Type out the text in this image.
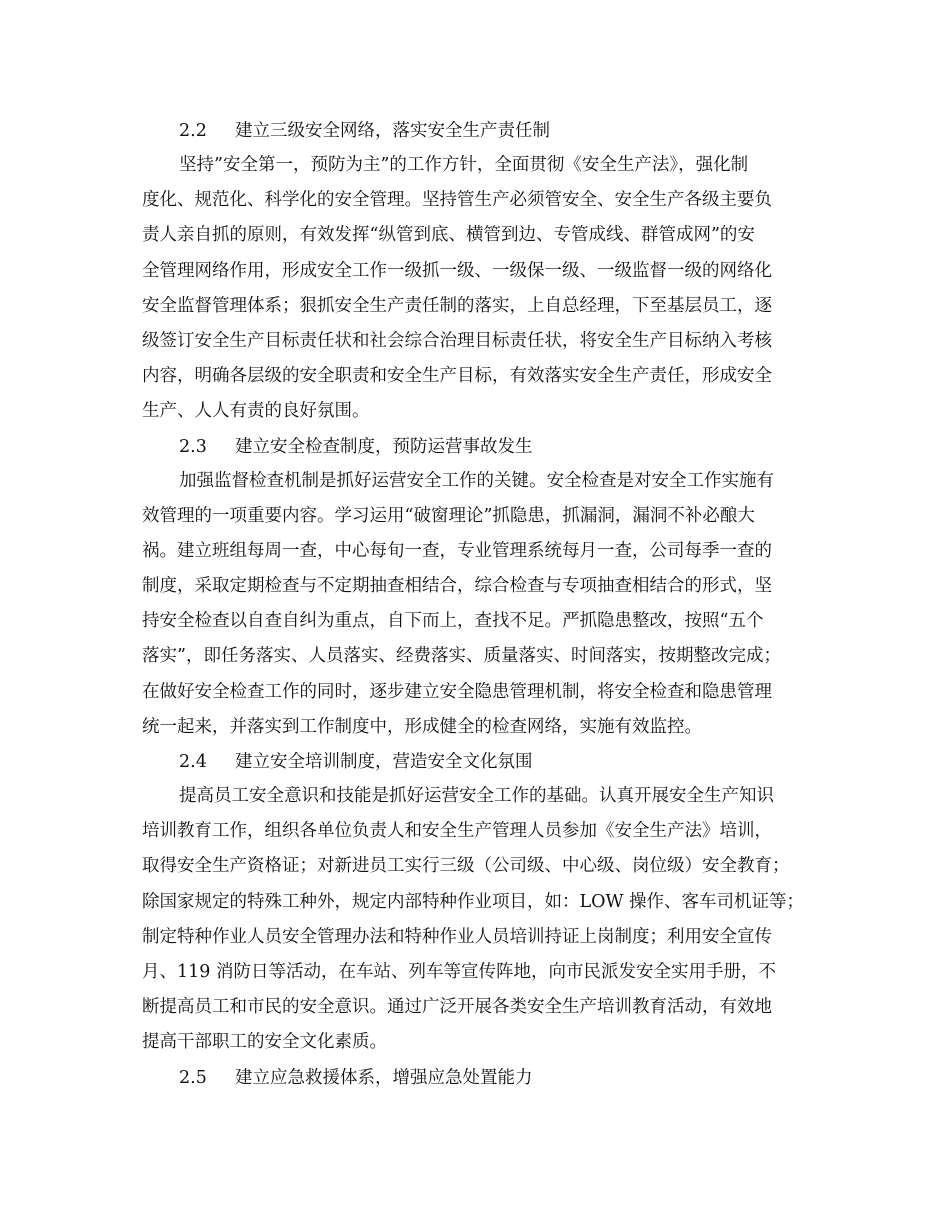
2.2 建立三级安全网络，落实安全生产责任制
坚持”安全第一，预防为主”的工作方针，全面贯彻《安全生产法》，强化制
度化、规范化、科学化的安全管理。坚持管生产必须管安全、安全生产各级主要负
责人亲自抓的原则，有效发挥“纵管到底、横管到边、专管成线、群管成网”的安
全管理网络作用，形成安全工作一级抓一级、一级保一级、一级监督一级的网络化
安全监督管理体系；狠抓安全生产责任制的落实，上自总经理，下至基层员工，逐
级签订安全生产目标责任状和社会综合治理目标责任状，将安全生产目标纳入考核
内容，明确各层级的安全职责和安全生产目标，有效落实安全生产责任，形成安全
生产、人人有责的良好氛围。
2.3 建立安全检查制度，预防运营事故发生
加强监督检查机制是抓好运营安全工作的关键。安全检查是对安全工作实施有
效管理的一项重要内容。学习运用“破窗理论”抓隐患，抓漏洞，漏洞不补必酿大
祸。建立班组每周一查，中心每旬一查，专业管理系统每月一查，公司每季一查的
制度，采取定期检查与不定期抽查相结合，综合检查与专项抽查相结合的形式，坚
持安全检查以自查自纠为重点，自下而上，查找不足。严抓隐患整改，按照“五个
落实”，即任务落实、人员落实、经费落实、质量落实、时间落实，按期整改完成；
在做好安全检查工作的同时，逐步建立安全隐患管理机制，将安全检查和隐患管理
统一起来，并落实到工作制度中，形成健全的检查网络，实施有效监控。
2.4 建立安全培训制度，营造安全文化氛围
提高员工安全意识和技能是抓好运营安全工作的基础。认真开展安全生产知识
培训教育工作，组织各单位负责人和安全生产管理人员参加《安全生产法》培训，
取得安全生产资格证；对新进员工实行三级（公司级、中心级、岗位级）安全教育；
除国家规定的特殊工种外，规定内部特种作业项目，如：LOW 操作、客车司机证等；
制定特种作业人员安全管理办法和特种作业人员培训持证上岗制度；利用安全宣传
月、119 消防日等活动，在车站、列车等宣传阵地，向市民派发安全实用手册，不
断提高员工和市民的安全意识。通过广泛开展各类安全生产培训教育活动，有效地
提高干部职工的安全文化素质。
2.5 建立应急救援体系，增强应急处置能力
